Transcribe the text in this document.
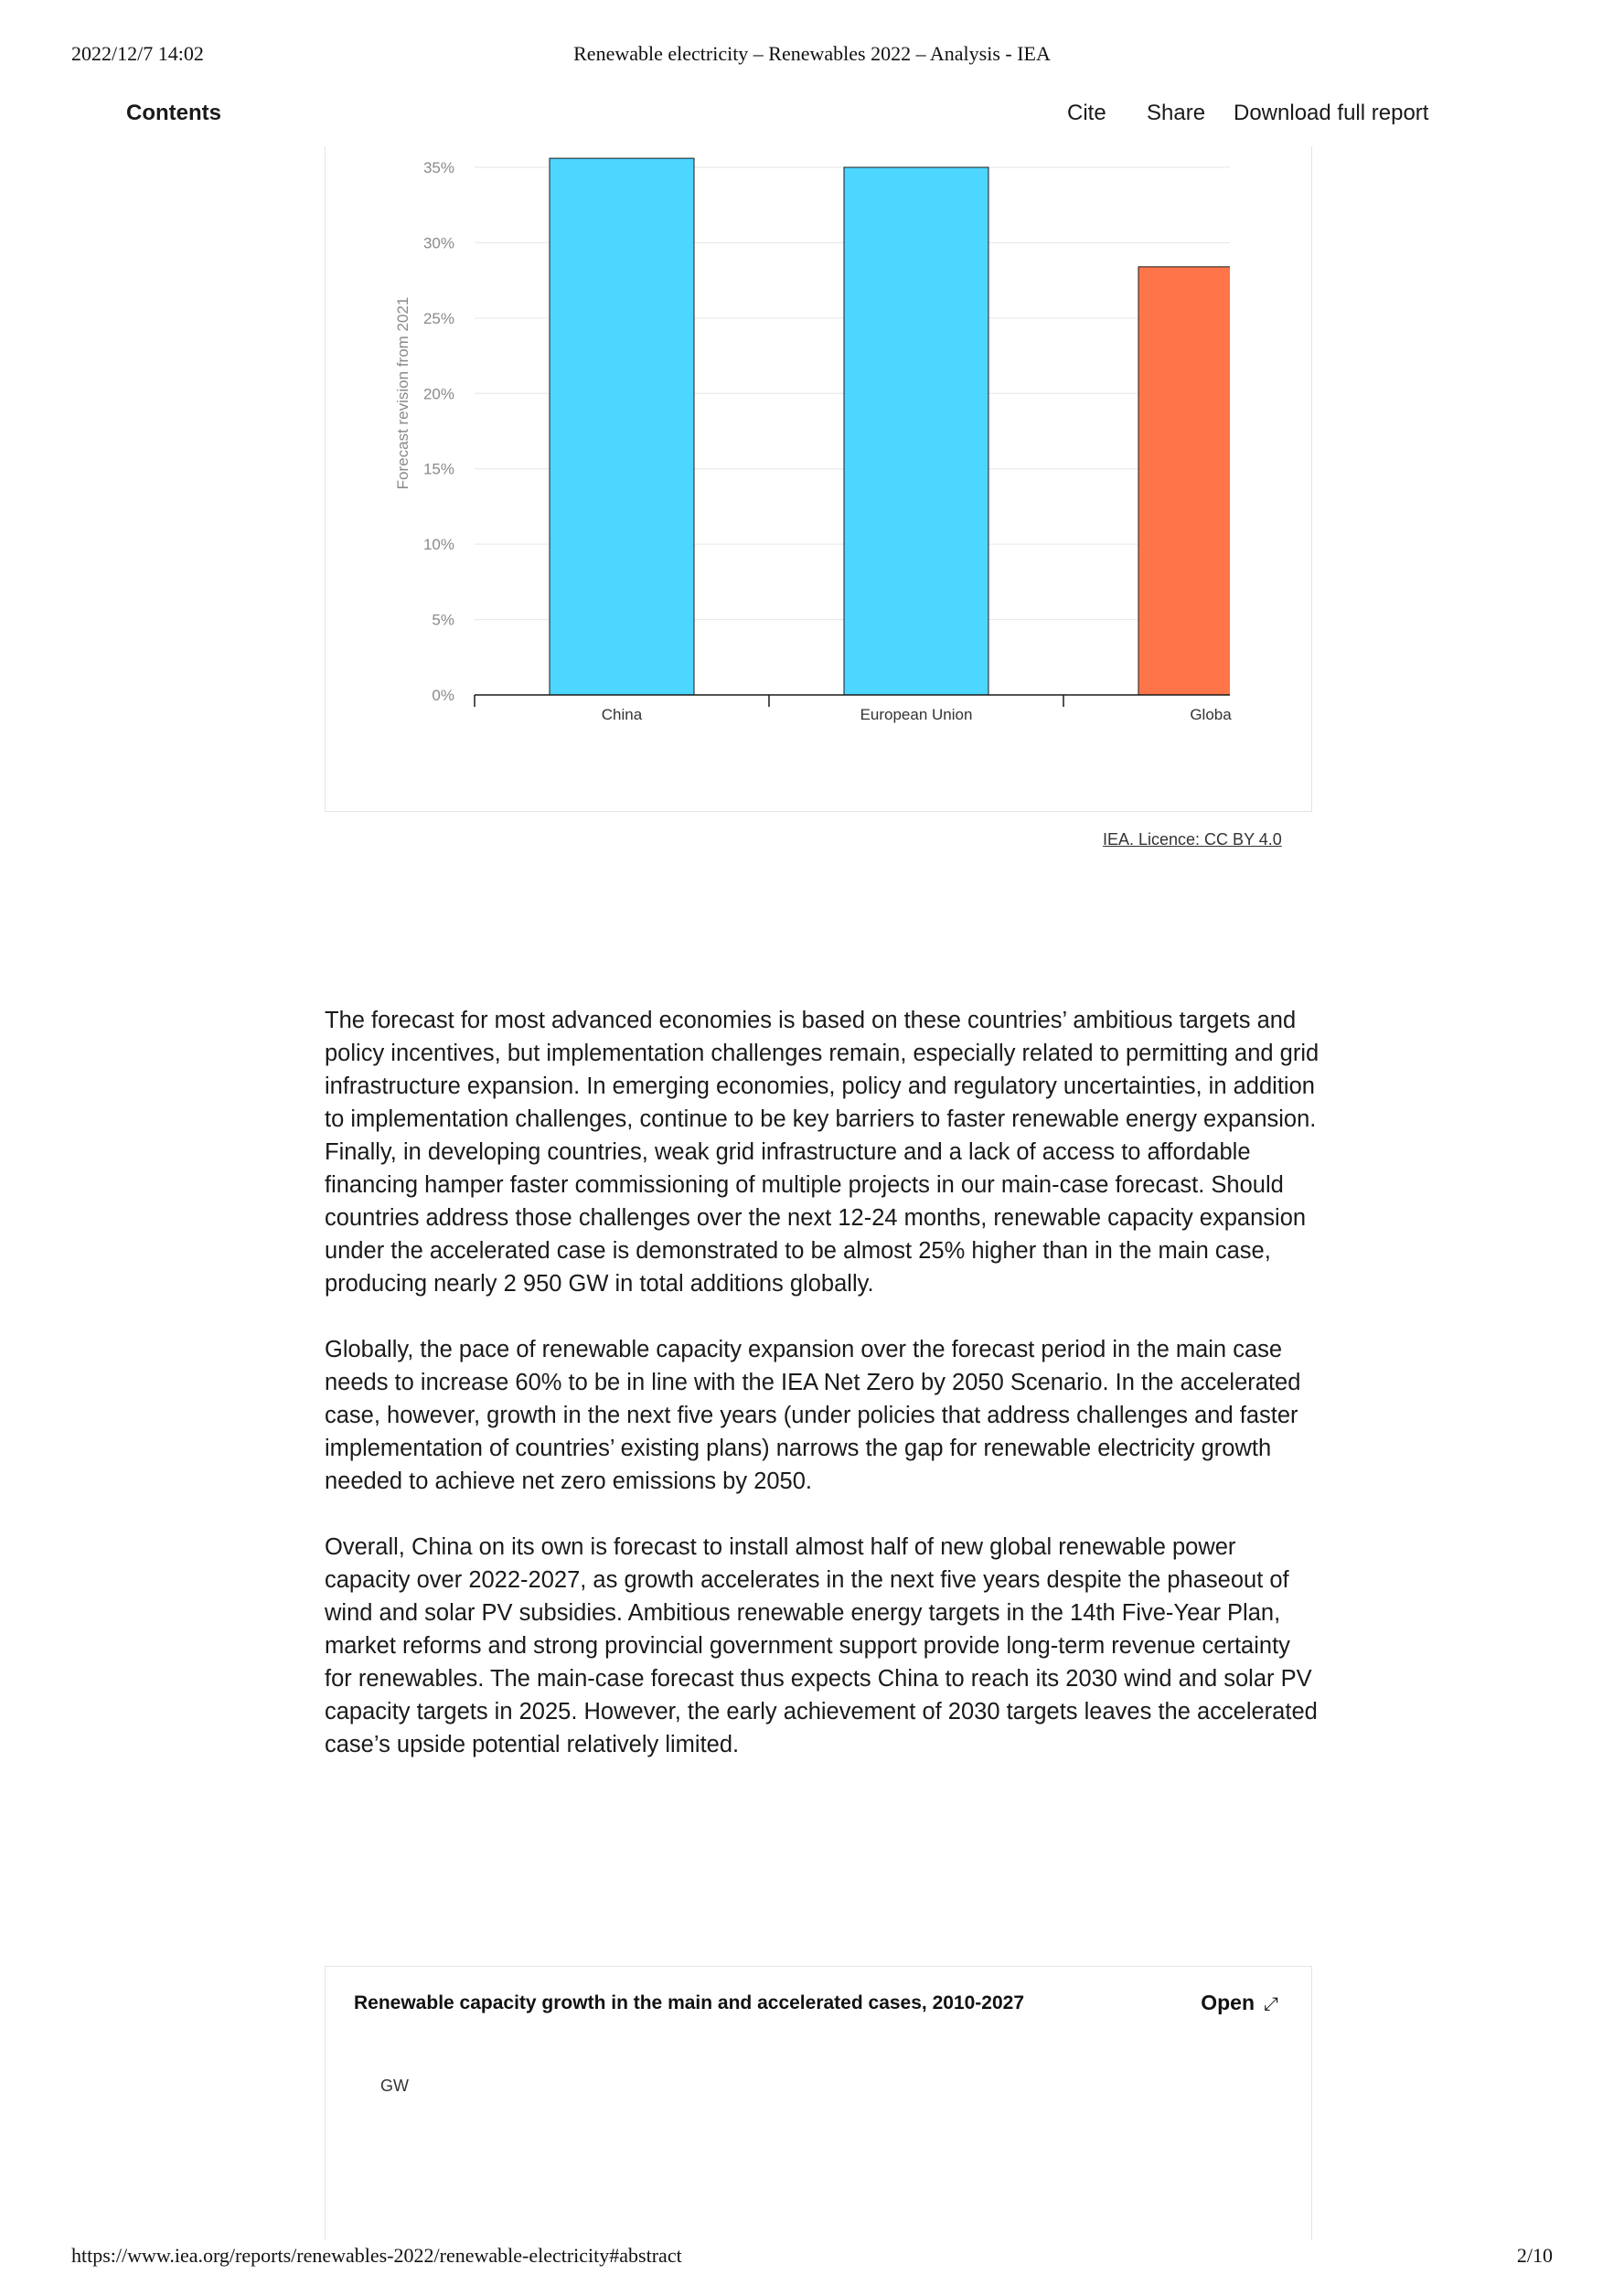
2022/12/7 14:02	Renewable electricity – Renewables 2022 – Analysis - IEA
Contents	Cite Share Download full report
0%
5%
10%
15%
20%
25%
30%
35%
Forecast revision from 2021
China	European Union	Globa
IEA. Licence: CC BY 4.0

The forecast for most advanced economies is based on these countries’ ambitious targets and policy incentives, but implementation challenges remain, especially related to permitting and grid infrastructure expansion. In emerging economies, policy and regulatory uncertainties, in addition to implementation challenges, continue to be key barriers to faster renewable energy expansion. Finally, in developing countries, weak grid infrastructure and a lack of access to affordable financing hamper faster commissioning of multiple projects in our main-case forecast. Should countries address those challenges over the next 12-24 months, renewable capacity expansion under the accelerated case is demonstrated to be almost 25% higher than in the main case, producing nearly 2 950 GW in total additions globally.

Globally, the pace of renewable capacity expansion over the forecast period in the main case needs to increase 60% to be in line with the IEA Net Zero by 2050 Scenario. In the accelerated case, however, growth in the next five years (under policies that address challenges and faster implementation of countries’ existing plans) narrows the gap for renewable electricity growth needed to achieve net zero emissions by 2050.

Overall, China on its own is forecast to install almost half of new global renewable power capacity over 2022-2027, as growth accelerates in the next five years despite the phaseout of wind and solar PV subsidies. Ambitious renewable energy targets in the 14th Five-Year Plan, market reforms and strong provincial government support provide long-term revenue certainty for renewables. The main-case forecast thus expects China to reach its 2030 wind and solar PV capacity targets in 2025. However, the early achievement of 2030 targets leaves the accelerated case’s upside potential relatively limited.

Renewable capacity growth in the main and accelerated cases, 2010-2027	Open ⤢
GW
https://www.iea.org/reports/renewables-2022/renewable-electricity#abstract	2/10
